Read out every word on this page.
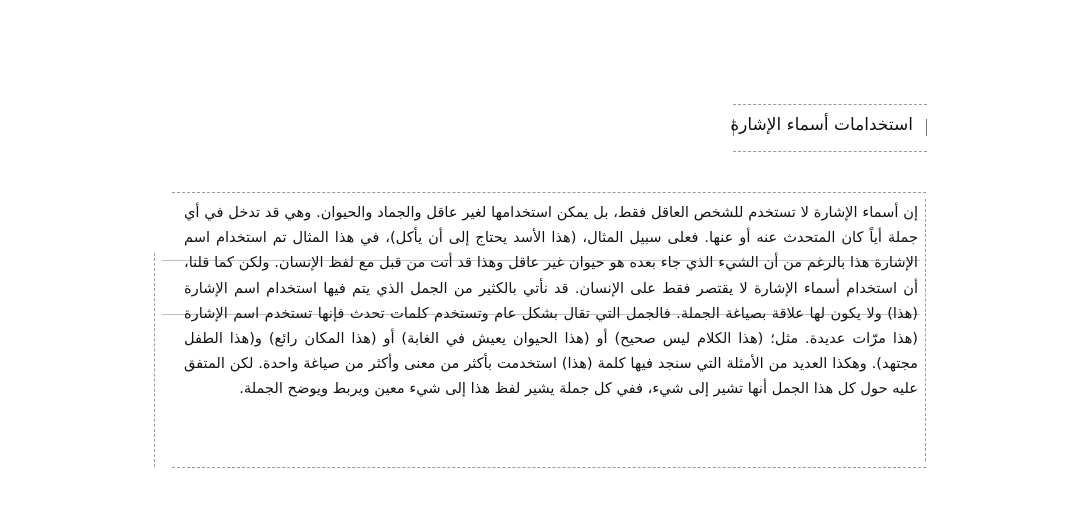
استخدامات أسماء الإشارة
إن أسماء الإشارة لا تستخدم للشخص العاقل فقط، بل يمكن استخدامها لغير عاقل والجماد والحيوان. وهي قد تدخل في أي جملة أياً كان المتحدث عنه أو عنها. فعلى سبيل المثال، (هذا الأسد يحتاج إلى أن يأكل)، في هذا المثال تم استخدام اسم الإشارة هذا بالرغم من أن الشيء الذي جاء بعده هو حيوان غير عاقل وهذا قد أتت من قبل مع لفظ الإنسان. ولكن كما قلنا، أن استخدام أسماء الإشارة لا يقتصر فقط على الإنسان. قد نأتي بالكثير من الجمل الذي يتم فيها استخدام اسم الإشارة (هذا) ولا يكون لها علاقة بصياغة الجملة. فالجمل التي تقال بشكل عام وتستخدم كلمات تحدث فإنها تستخدم اسم الإشارة (هذا مرّات عديدة. مثل؛ (هذا الكلام ليس صحيح) أو (هذا الحيوان يعيش في الغابة) أو (هذا المكان رائع) و(هذا الطفل مجتهد). وهكذا العديد من الأمثلة التي سنجد فيها كلمة (هذا) استخدمت بأكثر من معنى وأكثر من صياغة واحدة. لكن المتفق عليه حول كل هذا الجمل أنها تشير إلى شيء، ففي كل جملة يشير لفظ هذا إلى شيء معين ويربط ويوضح الجملة.
